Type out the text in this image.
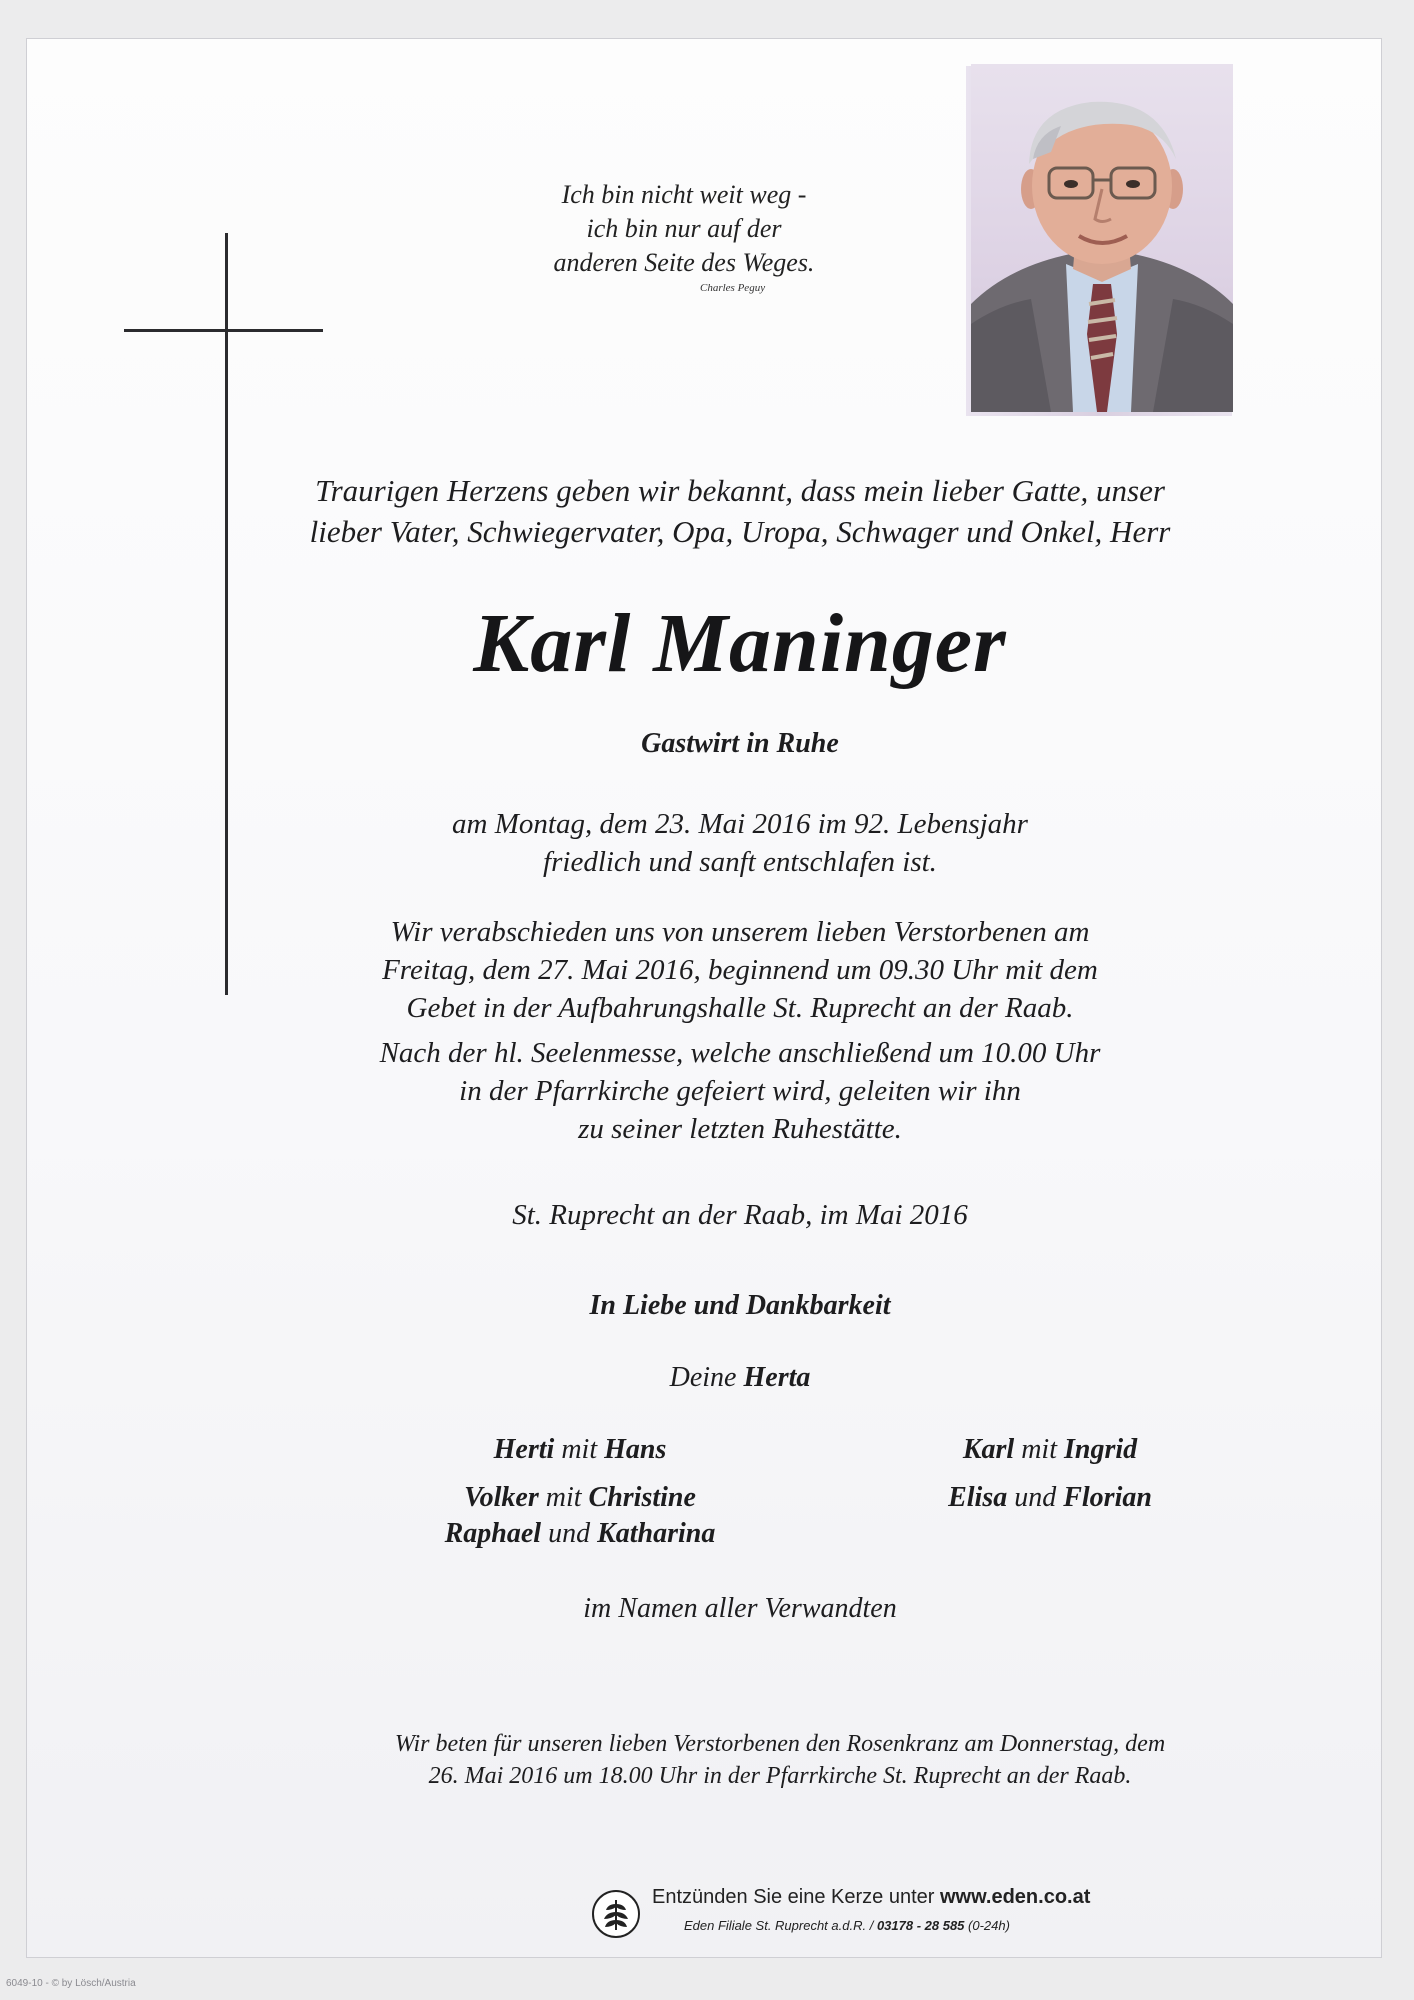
Ich bin nicht weit weg -
ich bin nur auf der
anderen Seite des Weges.
Charles Peguy
Traurigen Herzens geben wir bekannt, dass mein lieber Gatte, unser
lieber Vater, Schwiegervater, Opa, Uropa, Schwager und Onkel, Herr
Karl Maninger
Gastwirt in Ruhe
am Montag, dem 23. Mai 2016 im 92. Lebensjahr
friedlich und sanft entschlafen ist.
Wir verabschieden uns von unserem lieben Verstorbenen am
Freitag, dem 27. Mai 2016, beginnend um 09.30 Uhr mit dem
Gebet in der Aufbahrungshalle St. Ruprecht an der Raab.
Nach der hl. Seelenmesse, welche anschließend um 10.00 Uhr
in der Pfarrkirche gefeiert wird, geleiten wir ihn
zu seiner letzten Ruhestätte.
St. Ruprecht an der Raab, im Mai 2016
In Liebe und Dankbarkeit
Deine Herta
Herti mit Hans
Volker mit Christine
Raphael und Katharina
Karl mit Ingrid
Elisa und Florian
im Namen aller Verwandten
Wir beten für unseren lieben Verstorbenen den Rosenkranz am Donnerstag, dem
26. Mai 2016 um 18.00 Uhr in der Pfarrkirche St. Ruprecht an der Raab.
Entzünden Sie eine Kerze unter www.eden.co.at
Eden Filiale St. Ruprecht a.d.R. / 03178 - 28 585 (0-24h)
6049-10 - © by Lösch/Austria
